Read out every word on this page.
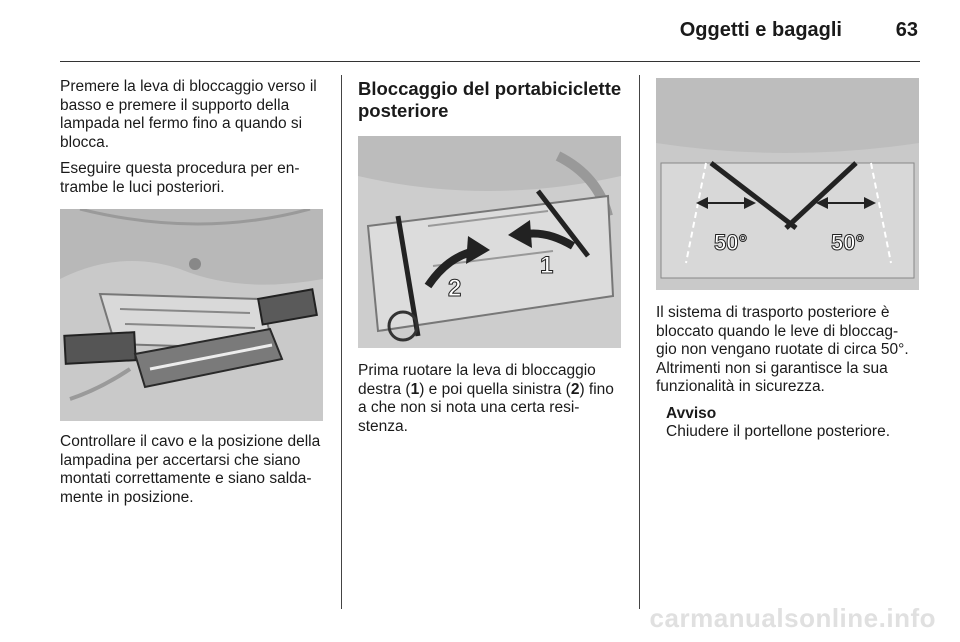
Oggetti e bagagli	63

Premere la leva di bloccaggio verso il basso e premere il supporto della lampada nel fermo fino a quando si blocca.

Eseguire questa procedura per en- trambe le luci posteriori.

Controllare il cavo e la posizione della lampadina per accertarsi che siano montati correttamente e siano salda- mente in posizione.

Bloccaggio del portabiciclette posteriore
1
2

Prima ruotare la leva di bloccaggio destra (1) e poi quella sinistra (2) fino a che non si nota una certa resi- stenza.

50°	50°

Il sistema di trasporto posteriore è bloccato quando le leve di bloccag- gio non vengano ruotate di circa 50°. Altrimenti non si garantisce la sua funzionalità in sicurezza.

Avviso
Chiudere il portellone posteriore.
carmanualsonline.info
